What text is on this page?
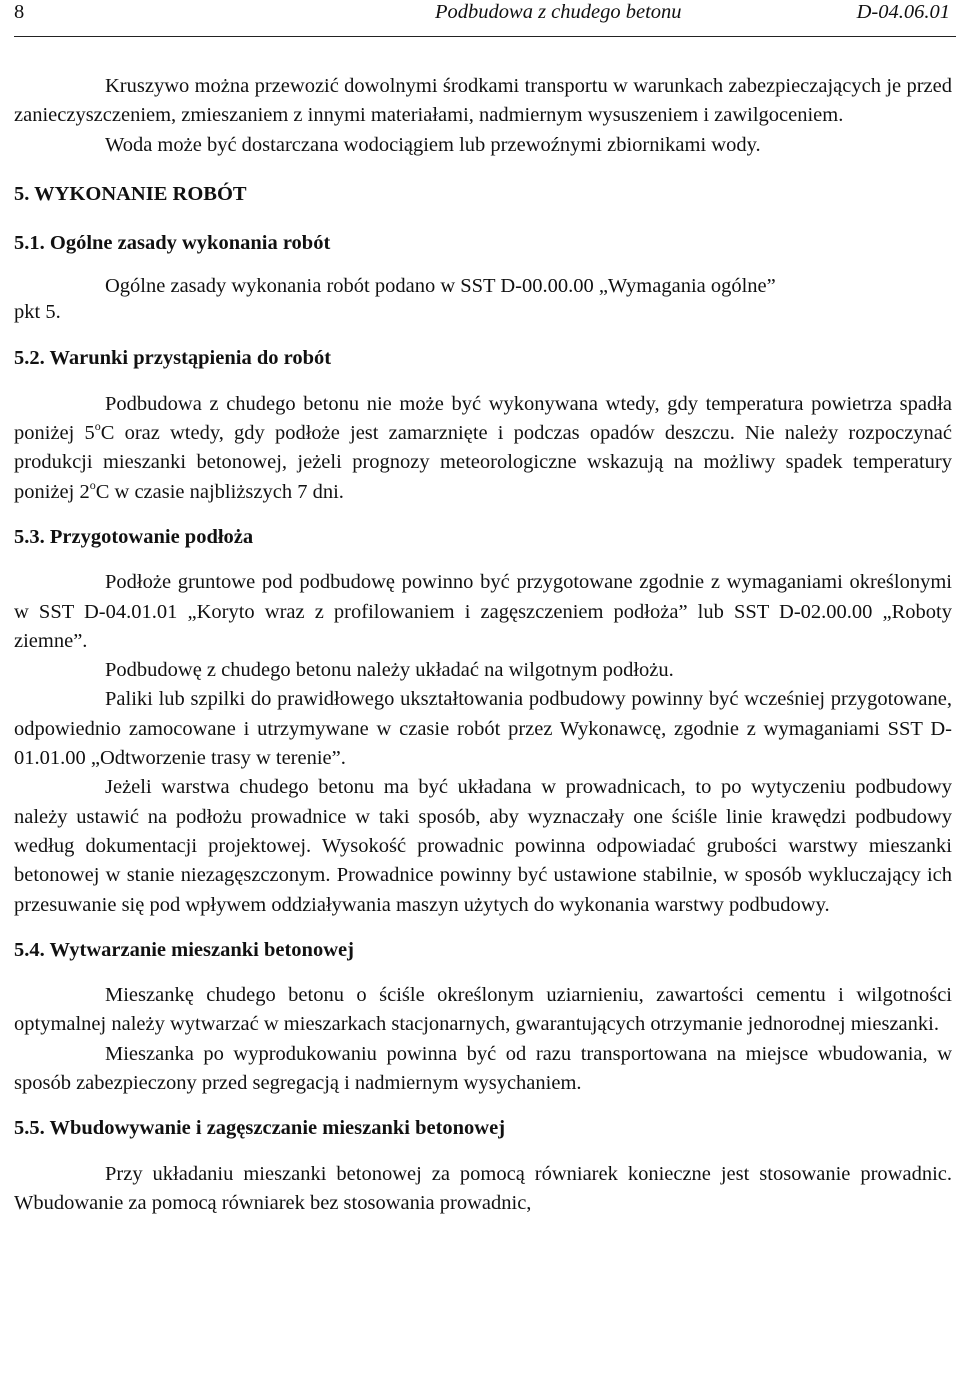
8	Podbudowa z chudego betonu	D-04.06.01

Kruszywo można przewozić dowolnymi środkami transportu w warunkach zabezpieczających je przed zanieczyszczeniem, zmieszaniem z innymi materiałami, nadmiernym wysuszeniem i zawilgoceniem.

Woda może być dostarczana wodociągiem lub przewoźnymi zbiornikami wody.

5. WYKONANIE ROBÓT
5.1. Ogólne zasady wykonania robót
Ogólne zasady wykonania robót podano w SST D-00.00.00 „Wymagania ogólne”
pkt 5.
5.2. Warunki przystąpienia do robót

Podbudowa z chudego betonu nie może być wykonywana wtedy, gdy temperatura powietrza spadła poniżej 5$^o$C oraz wtedy, gdy podłoże jest zamarznięte i podczas opadów deszczu. Nie należy rozpoczynać produkcji mieszanki betonowej, jeżeli prognozy meteorologiczne wskazują na możliwy spadek temperatury poniżej 2$^o$C w czasie najbliższych 7 dni.

5.3. Przygotowanie podłoża

Podłoże gruntowe pod podbudowę powinno być przygotowane zgodnie z wymaganiami określonymi w SST D-04.01.01 „Koryto wraz z profilowaniem i zagęszczeniem podłoża” lub SST D-02.00.00 „Roboty ziemne”.

Podbudowę z chudego betonu należy układać na wilgotnym podłożu.

Paliki lub szpilki do prawidłowego ukształtowania podbudowy powinny być wcześniej przygotowane, odpowiednio zamocowane i utrzymywane w czasie robót przez Wykonawcę, zgodnie z wymaganiami SST D-01.01.00 „Odtworzenie trasy w terenie”.

Jeżeli warstwa chudego betonu ma być układana w prowadnicach, to po wytyczeniu podbudowy należy ustawić na podłożu prowadnice w taki sposób, aby wyznaczały one ściśle linie krawędzi podbudowy według dokumentacji projektowej. Wysokość prowadnic powinna odpowiadać grubości warstwy mieszanki betonowej w stanie niezagęszczonym. Prowadnice powinny być ustawione stabilnie, w sposób wykluczający ich przesuwanie się pod wpływem oddziaływania maszyn użytych do wykonania warstwy podbudowy.

5.4. Wytwarzanie mieszanki betonowej

Mieszankę chudego betonu o ściśle określonym uziarnieniu, zawartości cementu i wilgotności optymalnej należy wytwarzać w mieszarkach stacjonarnych, gwarantujących otrzymanie jednorodnej mieszanki.

Mieszanka po wyprodukowaniu powinna być od razu transportowana na miejsce wbudowania, w sposób zabezpieczony przed segregacją i nadmiernym wysychaniem.

5.5. Wbudowywanie i zagęszczanie mieszanki betonowej

Przy układaniu mieszanki betonowej za pomocą równiarek konieczne jest stosowanie prowadnic. Wbudowanie za pomocą równiarek bez stosowania prowadnic,
